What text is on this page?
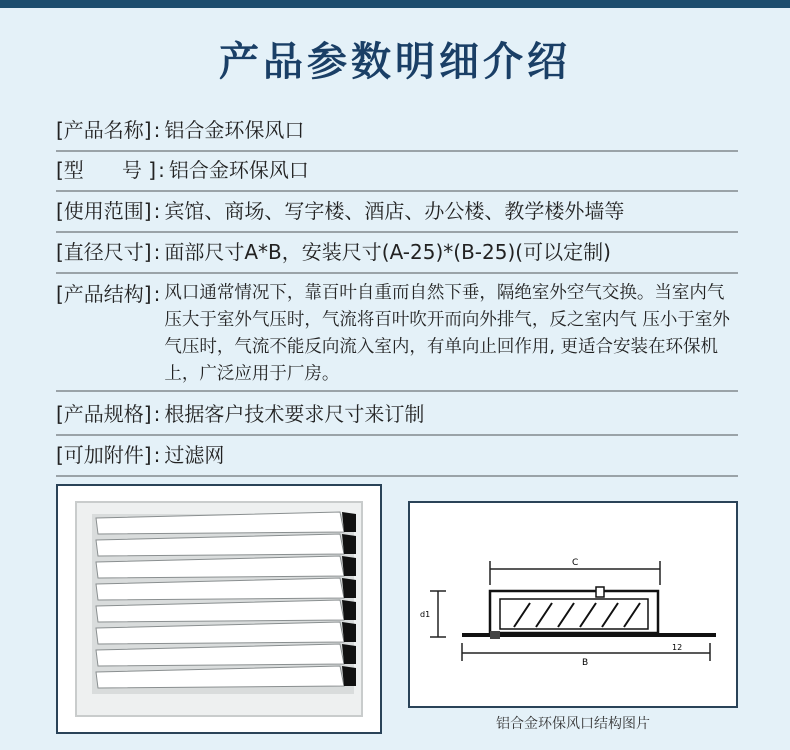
产品参数明细介绍
[产品名称] : 铝合金环保风口
[型      号 ] : 铝合金环保风口
[使用范围] : 宾馆、商场、写字楼、酒店、办公楼、教学楼外墙等
[直径尺寸] : 面部尺寸A*B，安装尺寸(A-25)*(B-25)(可以定制)
[产品结构] : 风口通常情况下，靠百叶自重而自然下垂，隔绝室外空气交换。当室内气压大于室外气压时，气流将百叶吹开而向外排气，反之室内气 压小于室外气压时，气流不能反向流入室内，有单向止回作用, 更适合安装在环保机上，广泛应用于厂房。
[产品规格] : 根据客户技术要求尺寸来订制
[可加附件] : 过滤网
C
B
12
d1
铝合金环保风口结构图片
